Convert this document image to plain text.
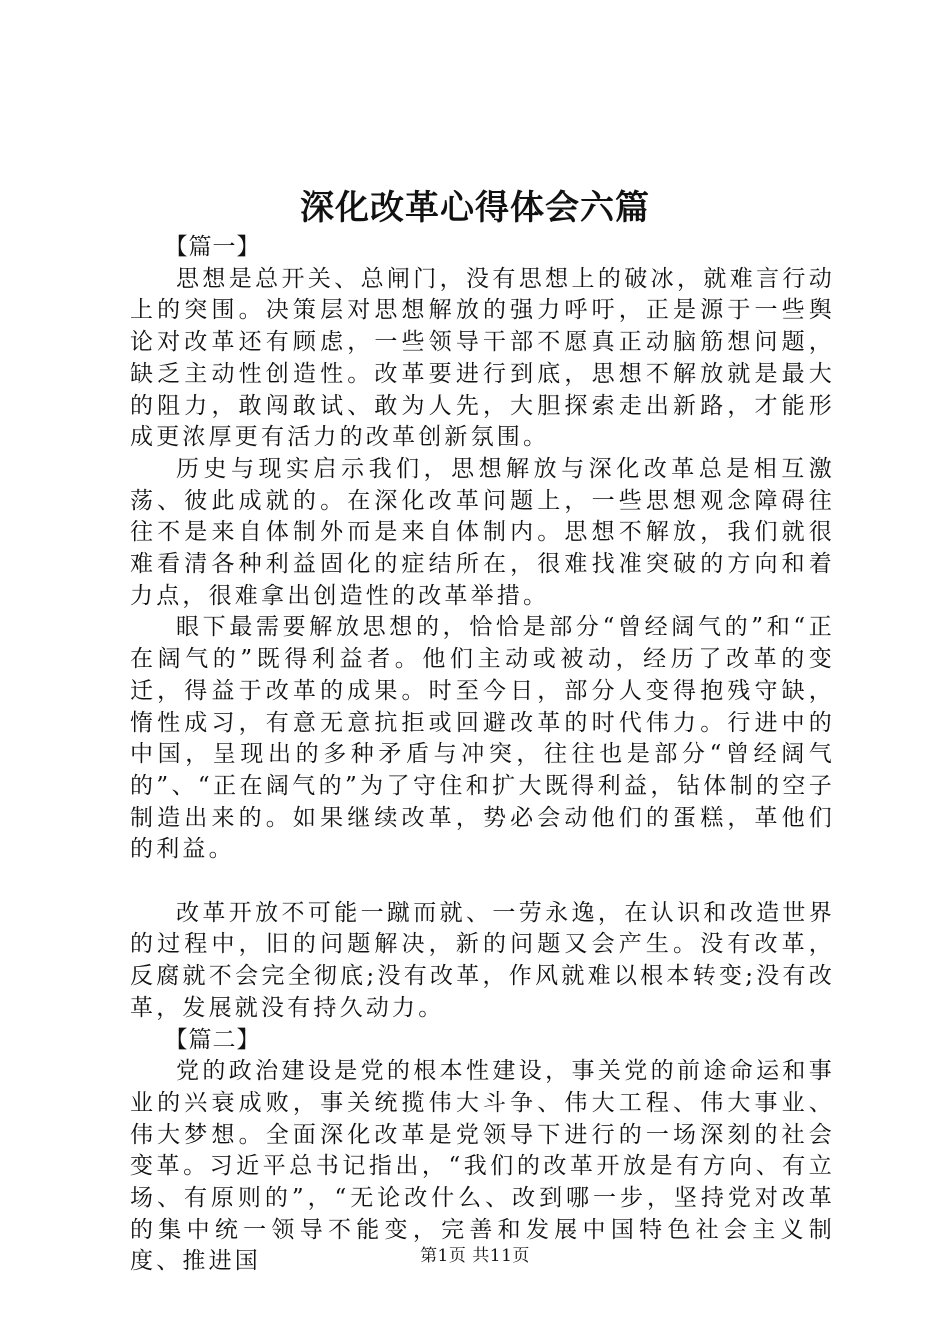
深化改革心得体会六篇

【篇一】

思想是总开关、总闸门，没有思想上的破冰，就难言行动上的突围。决策层对思想解放的强力呼吁，正是源于一些舆论对改革还有顾虑，一些领导干部不愿真正动脑筋想问题，缺乏主动性创造性。改革要进行到底，思想不解放就是最大的阻力，敢闯敢试、敢为人先，大胆探索走出新路，才能形成更浓厚更有活力的改革创新氛围。

历史与现实启示我们，思想解放与深化改革总是相互激荡、彼此成就的。在深化改革问题上，一些思想观念障碍往往不是来自体制外而是来自体制内。思想不解放，我们就很难看清各种利益固化的症结所在，很难找准突破的方向和着力点，很难拿出创造性的改革举措。

眼下最需要解放思想的，恰恰是部分“曾经阔气的”和“正在阔气的”既得利益者。他们主动或被动，经历了改革的变迁，得益于改革的成果。时至今日，部分人变得抱残守缺，惰性成习，有意无意抗拒或回避改革的时代伟力。行进中的中国，呈现出的多种矛盾与冲突，往往也是部分“曾经阔气的”、“正在阔气的”为了守住和扩大既得利益，钻体制的空子制造出来的。如果继续改革，势必会动他们的蛋糕，革他们的利益。

改革开放不可能一蹴而就、一劳永逸，在认识和改造世界的过程中，旧的问题解决，新的问题又会产生。没有改革，反腐就不会完全彻底;没有改革，作风就难以根本转变;没有改革，发展就没有持久动力。

【篇二】

党的政治建设是党的根本性建设，事关党的前途命运和事业的兴衰成败，事关统揽伟大斗争、伟大工程、伟大事业、伟大梦想。全面深化改革是党领导下进行的一场深刻的社会变革。习近平总书记指出，“我们的改革开放是有方向、有立场、有原则的”，“无论改什么、改到哪一步，坚持党对改革的集中统一领导不能变，完善和发展中国特色社会主义制度、推进国	第1页 共11页
